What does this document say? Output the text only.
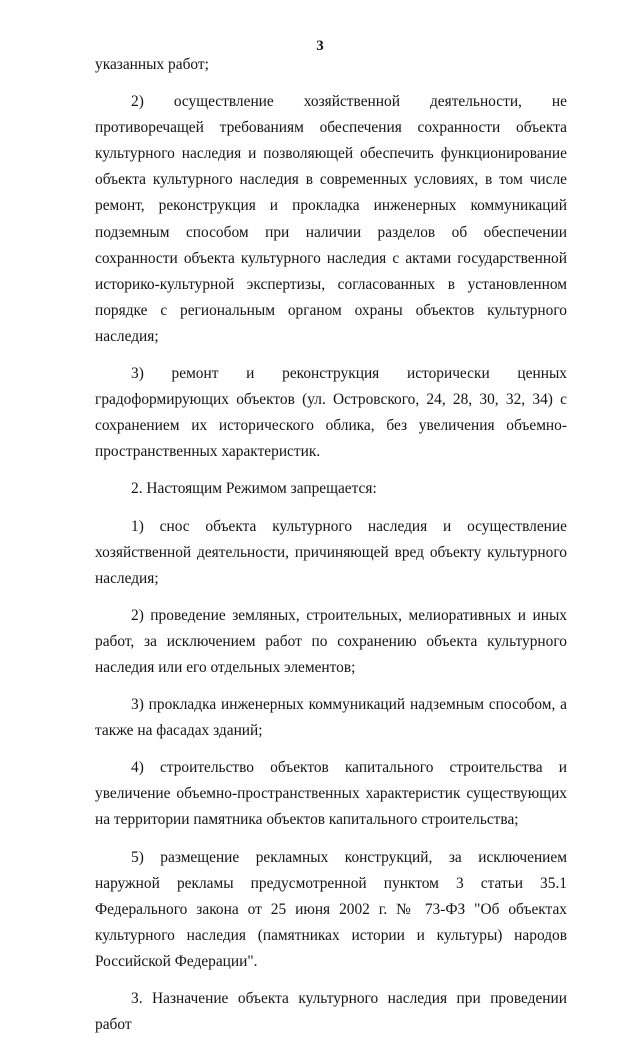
3

указанных работ;

2) осуществление хозяйственной деятельности, не противоречащей требованиям обеспечения сохранности объекта культурного наследия и позволяющей обеспечить функционирование объекта культурного наследия в современных условиях, в том числе ремонт, реконструкция и прокладка инженерных коммуникаций подземным способом при наличии разделов об обеспечении сохранности объекта культурного наследия с актами государственной историко-культурной экспертизы, согласованных в установленном порядке с региональным органом охраны объектов культурного наследия;

3) ремонт и реконструкция исторически ценных градоформирующих объектов (ул. Островского, 24, 28, 30, 32, 34) с сохранением их исторического облика, без увеличения объемно-пространственных характеристик.

2. Настоящим Режимом запрещается:

1) снос объекта культурного наследия и осуществление хозяйственной деятельности, причиняющей вред объекту культурного наследия;

2) проведение земляных, строительных, мелиоративных и иных работ, за исключением работ по сохранению объекта культурного наследия или его отдельных элементов;

3) прокладка инженерных коммуникаций надземным способом, а также на фасадах зданий;

4) строительство объектов капитального строительства и увеличение объемно-пространственных характеристик существующих на территории памятника объектов капитального строительства;

5) размещение рекламных конструкций, за исключением наружной рекламы предусмотренной пунктом 3 статьи 35.1 Федерального закона от 25 июня 2002 г. № 73-ФЗ "Об объектах культурного наследия (памятниках истории и культуры) народов Российской Федерации".

3. Назначение объекта культурного наследия при проведении работ
